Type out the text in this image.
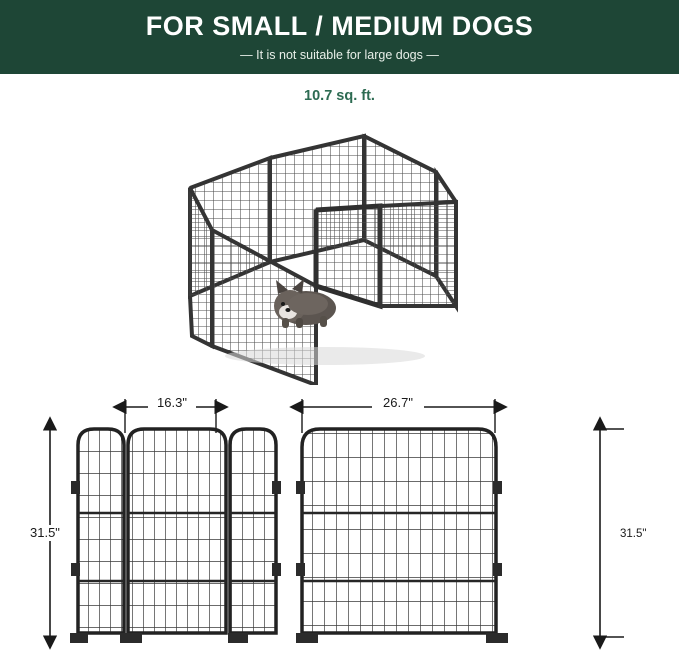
FOR SMALL / MEDIUM DOGS
— It is not suitable for large dogs —
10.7 sq. ft.
16.3"	26.7"
31.5"	31.5"
